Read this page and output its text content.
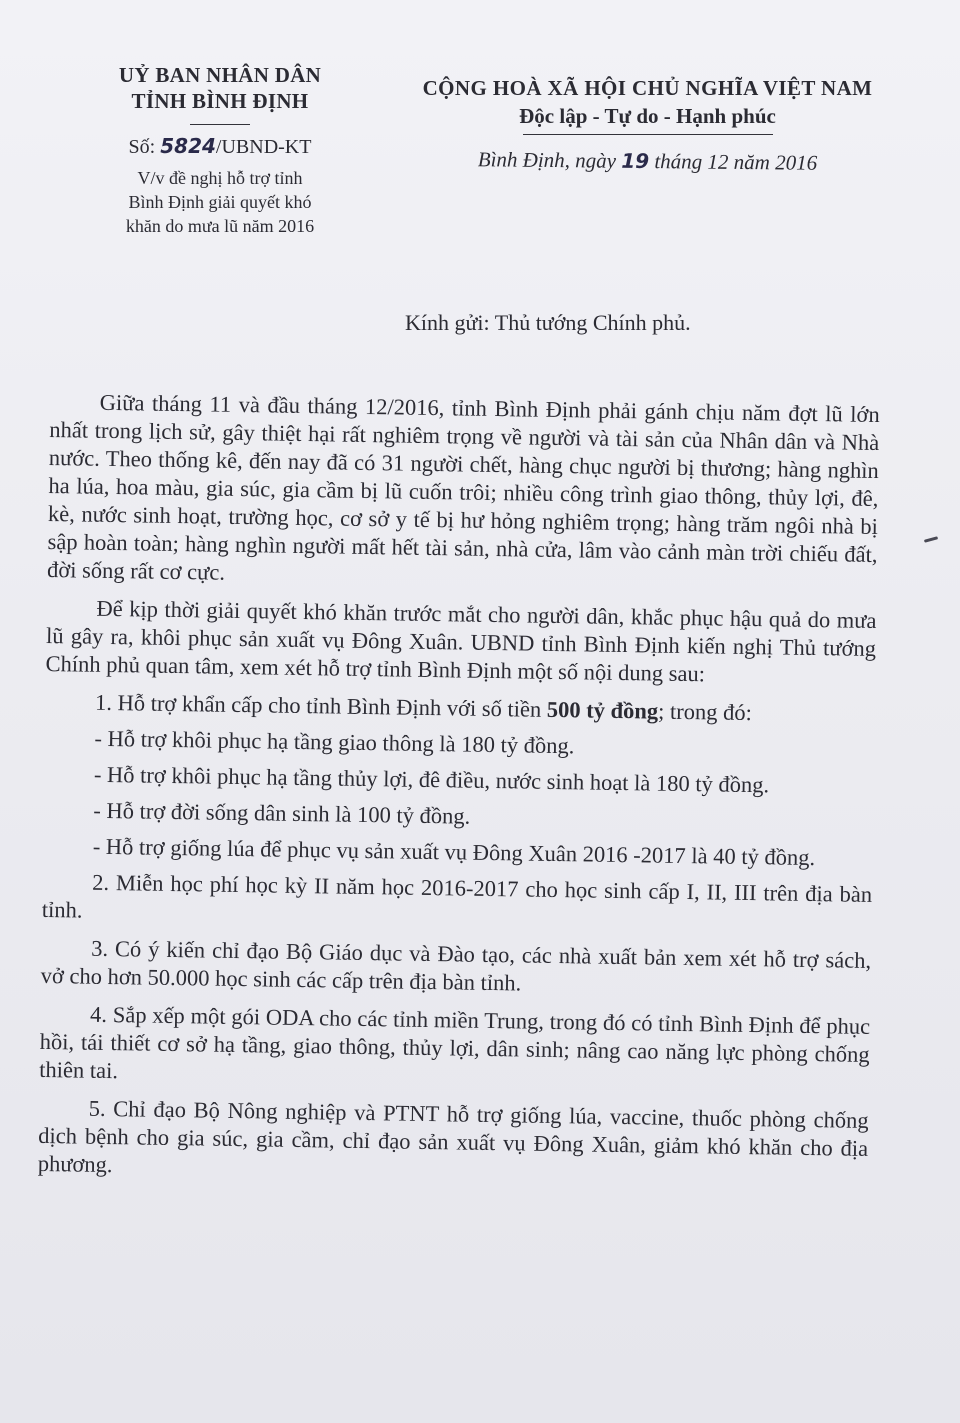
UỶ BAN NHÂN DÂN
TỈNH BÌNH ĐỊNH
Số: 5824/UBND-KT
V/v đề nghị hỗ trợ tỉnh
Bình Định giải quyết khó
khăn do mưa lũ năm 2016
CỘNG HOÀ XÃ HỘI CHỦ NGHĨA VIỆT NAM
Độc lập - Tự do - Hạnh phúc
Bình Định, ngày 19 tháng 12 năm 2016
Kính gửi: Thủ tướng Chính phủ.

Giữa tháng 11 và đầu tháng 12/2016, tỉnh Bình Định phải gánh chịu năm đợt lũ lớn nhất trong lịch sử, gây thiệt hại rất nghiêm trọng về người và tài sản của Nhân dân và Nhà nước. Theo thống kê, đến nay đã có 31 người chết, hàng chục người bị thương; hàng nghìn ha lúa, hoa màu, gia súc, gia cầm bị lũ cuốn trôi; nhiều công trình giao thông, thủy lợi, đê, kè, nước sinh hoạt, trường học, cơ sở y tế bị hư hỏng nghiêm trọng; hàng trăm ngôi nhà bị sập hoàn toàn; hàng nghìn người mất hết tài sản, nhà cửa, lâm vào cảnh màn trời chiếu đất, đời sống rất cơ cực.

Để kịp thời giải quyết khó khăn trước mắt cho người dân, khắc phục hậu quả do mưa lũ gây ra, khôi phục sản xuất vụ Đông Xuân. UBND tỉnh Bình Định kiến nghị Thủ tướng Chính phủ quan tâm, xem xét hỗ trợ tỉnh Bình Định một số nội dung sau:

1. Hỗ trợ khẩn cấp cho tỉnh Bình Định với số tiền 500 tỷ đồng; trong đó:

- Hỗ trợ khôi phục hạ tầng giao thông là 180 tỷ đồng.

- Hỗ trợ khôi phục hạ tầng thủy lợi, đê điều, nước sinh hoạt là 180 tỷ đồng.

- Hỗ trợ đời sống dân sinh là 100 tỷ đồng.

- Hỗ trợ giống lúa để phục vụ sản xuất vụ Đông Xuân 2016 -2017 là 40 tỷ đồng.

2. Miễn học phí học kỳ II năm học 2016-2017 cho học sinh cấp I, II, III trên địa bàn tỉnh.

3. Có ý kiến chỉ đạo Bộ Giáo dục và Đào tạo, các nhà xuất bản xem xét hỗ trợ sách, vở cho hơn 50.000 học sinh các cấp trên địa bàn tỉnh.

4. Sắp xếp một gói ODA cho các tỉnh miền Trung, trong đó có tỉnh Bình Định để phục hồi, tái thiết cơ sở hạ tầng, giao thông, thủy lợi, dân sinh; nâng cao năng lực phòng chống thiên tai.

5. Chỉ đạo Bộ Nông nghiệp và PTNT hỗ trợ giống lúa, vaccine, thuốc phòng chống dịch bệnh cho gia súc, gia cầm, chỉ đạo sản xuất vụ Đông Xuân, giảm khó khăn cho địa phương.
